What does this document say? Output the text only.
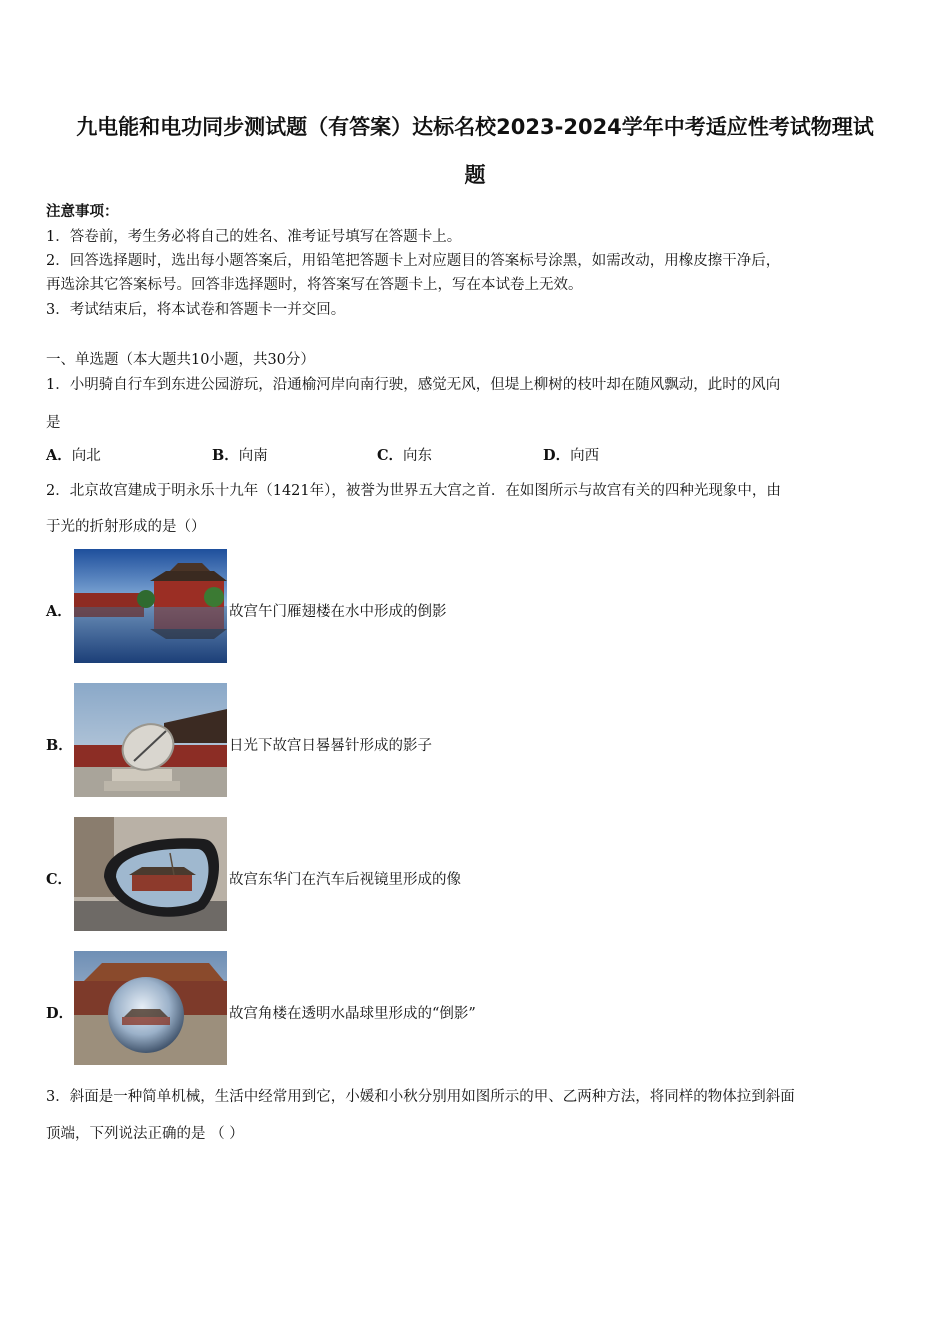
九电能和电功同步测试题（有答案）达标名校2023-2024学年中考适应性考试物理试
题
注意事项：
1．答卷前，考生务必将自己的姓名、准考证号填写在答题卡上。
2．回答选择题时，选出每小题答案后，用铅笔把答题卡上对应题目的答案标号涂黑，如需改动，用橡皮擦干净后，
再选涂其它答案标号。回答非选择题时，将答案写在答题卡上，写在本试卷上无效。
3．考试结束后，将本试卷和答题卡一并交回。
一、单选题（本大题共10小题，共30分）
1．小明骑自行车到东进公园游玩，沿通榆河岸向南行驶，感觉无风，但堤上柳树的枝叶却在随风飘动，此时的风向
是
A．向北	B．向南	C．向东	D．向西
2．北京故宫建成于明永乐十九年（1421年），被誉为世界五大宫之首．在如图所示与故宫有关的四种光现象中，由
于光的折射形成的是（）
A．	故宫午门雁翅楼在水中形成的倒影
B．	日光下故宫日晷晷针形成的影子
C．	故宫东华门在汽车后视镜里形成的像
D．	故宫角楼在透明水晶球里形成的“倒影”
3．斜面是一种简单机械，生活中经常用到它，小媛和小秋分别用如图所示的甲、乙两种方法，将同样的物体拉到斜面
顶端，下列说法正确的是 （ ）
